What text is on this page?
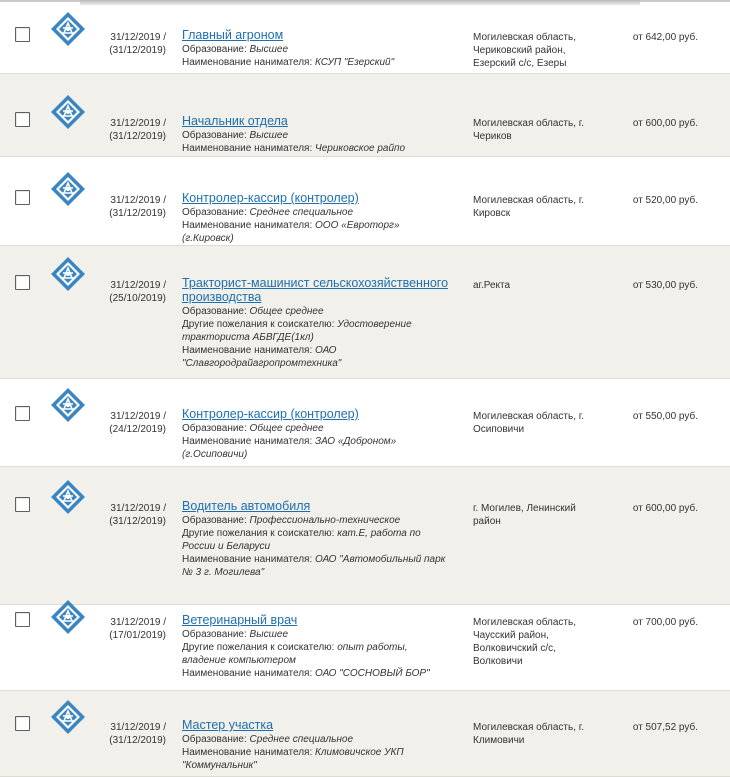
31/12/2019 /
(31/12/2019)
Главный агроном
Образование: Высшее
Наименование нанимателя: КСУП "Езерский"
Могилевская область, Чериковский район, Езерский с/с, Езеры
от 642,00 руб.
31/12/2019 /
(31/12/2019)
Начальник отдела
Образование: Высшее
Наименование нанимателя: Чериковское райпо
Могилевская область, г. Чериков
от 600,00 руб.
31/12/2019 /
(31/12/2019)
Контролер-кассир (контролер)
Образование: Среднее специальное
Наименование нанимателя: ООО «Евроторг» (г.Кировск)
Могилевская область, г. Кировск
от 520,00 руб.
31/12/2019 /
(25/10/2019)
Тракторист-машинист сельскохозяйственного производства
Образование: Общее среднее
Другие пожелания к соискателю: Удостоверение тракториста АБВГДЕ(1кл)
Наименование нанимателя: ОАО "Славгородрайагропромтехника"
аг.Ректа	от 530,00 руб.
31/12/2019 /
(24/12/2019)
Контролер-кассир (контролер)
Образование: Общее среднее
Наименование нанимателя: ЗАО «Доброном» (г.Осиповичи)
Могилевская область, г. Осиповичи
от 550,00 руб.
31/12/2019 /
(31/12/2019)
Водитель автомобиля
Образование: Профессионально-техническое
Другие пожелания к соискателю: кат.Е, работа по России и Беларуси
Наименование нанимателя: ОАО "Автомобильный парк № 3 г. Могилева"
г. Могилев, Ленинский район
от 600,00 руб.
31/12/2019 /
(17/01/2019)
Ветеринарный врач
Образование: Высшее
Другие пожелания к соискателю: опыт работы, владение компьютером
Наименование нанимателя: ОАО "СОСНОВЫЙ БОР"
Могилевская область, Чаусский район, Волковичский с/с, Волковичи
от 700,00 руб.
31/12/2019 /
(31/12/2019)
Мастер участка
Образование: Среднее специальное
Наименование нанимателя: Климовичское УКП "Коммунальник"
Могилевская область, г. Климовичи
от 507,52 руб.
